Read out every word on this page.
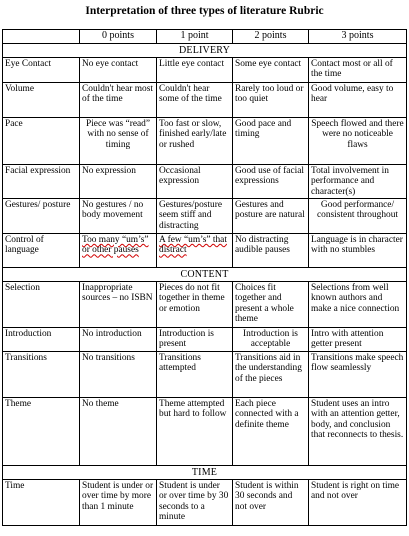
Interpretation of three types of literature Rubric
	0 points	1 point	2 points	3 points
DELIVERY				
Eye Contact	No eye contact	Little eye contact	Some eye contact	Contact most or all of the time
Volume	Couldn't hear most of the time	Couldn't hear some of the time	Rarely too loud or too quiet	Good volume, easy to hear
Pace	Piece was “read” with no sense of timing	Too fast or slow, finished early/late or rushed	Good pace and timing	Speech flowed and there were no noticeable flaws
Facial expression	No expression	Occasional expression	Good use of facial expressions	Total involvement in performance and character(s)
Gestures/ posture	No gestures / no body movement	Gestures/posture seem stiff and distracting	Gestures and posture are natural	Good performance/ consistent throughout
Control of language	Too many “um’s” or other pauses	A few “um’s” that distract	No distracting audible pauses	Language is in character with no stumbles
CONTENT				
Selection	Inappropriate sources – no ISBN	Pieces do not fit together in theme or emotion	Choices fit together and present a whole theme	Selections from well known authors and make a nice connection
Introduction	No introduction	Introduction is present	Introduction is acceptable	Intro with attention getter present
Transitions	No transitions	Transitions attempted	Transitions aid in the understanding of the pieces	Transitions make speech flow seamlessly
Theme	No theme	Theme attempted but hard to follow	Each piece connected with a definite theme	Student uses an intro with an attention getter, body, and conclusion that reconnects to thesis.
TIME				
Time	Student is under or over time by more than 1 minute	Student is under or over time by 30 seconds to a minute	Student is within 30 seconds and not over	Student is right on time and not over
